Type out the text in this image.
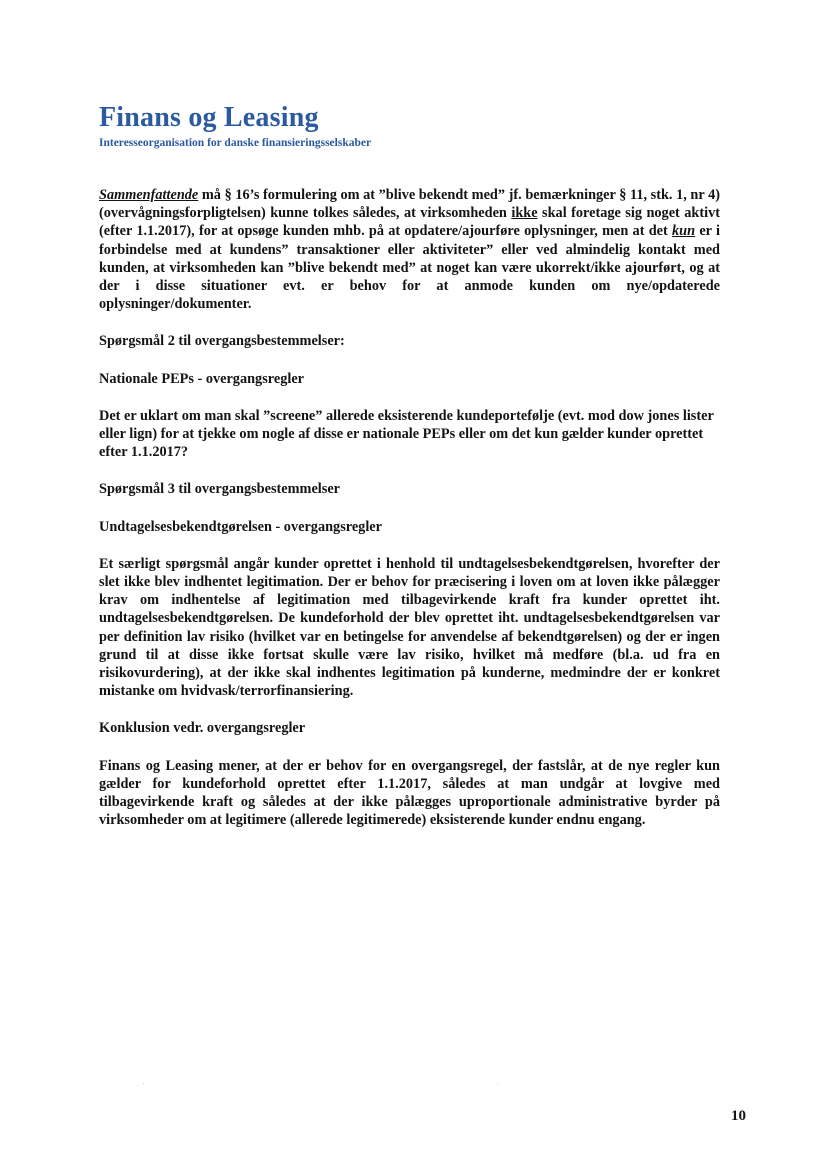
Finans og Leasing
Interesseorganisation for danske finansieringsselskaber

Sammenfattende må § 16’s formulering om at ”blive bekendt med” jf. bemærkninger § 11, stk. 1, nr 4) (overvågningsforpligtelsen) kunne tolkes således, at virksomheden ikke skal foretage sig noget aktivt (efter 1.1.2017), for at opsøge kunden mhb. på at opdatere/ajourføre oplysninger, men at det kun er i forbindelse med at kundens” transaktioner eller aktiviteter” eller ved almindelig kontakt med kunden, at virksomheden kan ”blive bekendt med” at noget kan være ukorrekt/ikke ajourført, og at der i disse situationer evt. er behov for at anmode kunden om nye/opdaterede oplysninger/dokumenter.

Spørgsmål 2 til overgangsbestemmelser:
Nationale PEPs - overgangsregler

Det er uklart om man skal ”screene” allerede eksisterende kundeportefølje (evt. mod dow jones lister eller lign) for at tjekke om nogle af disse er nationale PEPs eller om det kun gælder kunder oprettet efter 1.1.2017?

Spørgsmål 3 til overgangsbestemmelser
Undtagelsesbekendtgørelsen - overgangsregler

Et særligt spørgsmål angår kunder oprettet i henhold til undtagelsesbekendtgørelsen, hvorefter der slet ikke blev indhentet legitimation. Der er behov for præcisering i loven om at loven ikke pålægger krav om indhentelse af legitimation med tilbagevirkende kraft fra kunder oprettet iht. undtagelsesbekendtgørelsen. De kundeforhold der blev oprettet iht. undtagelsesbekendtgørelsen var per definition lav risiko (hvilket var en betingelse for anvendelse af bekendtgørelsen) og der er ingen grund til at disse ikke fortsat skulle være lav risiko, hvilket må medføre (bl.a. ud fra en risikovurdering), at der ikke skal indhentes legitimation på kunderne, medmindre der er konkret mistanke om hvidvask/terrorfinansiering.

Konklusion vedr. overgangsregler

Finans og Leasing mener, at der er behov for en overgangsregel, der fastslår, at de nye regler kun gælder for kundeforhold oprettet efter 1.1.2017, således at man undgår at lovgive med tilbagevirkende kraft og således at der ikke pålægges uproportionale administrative byrder på virksomheder om at legitimere (allerede legitimerede) eksisterende kunder endnu engang.

10
